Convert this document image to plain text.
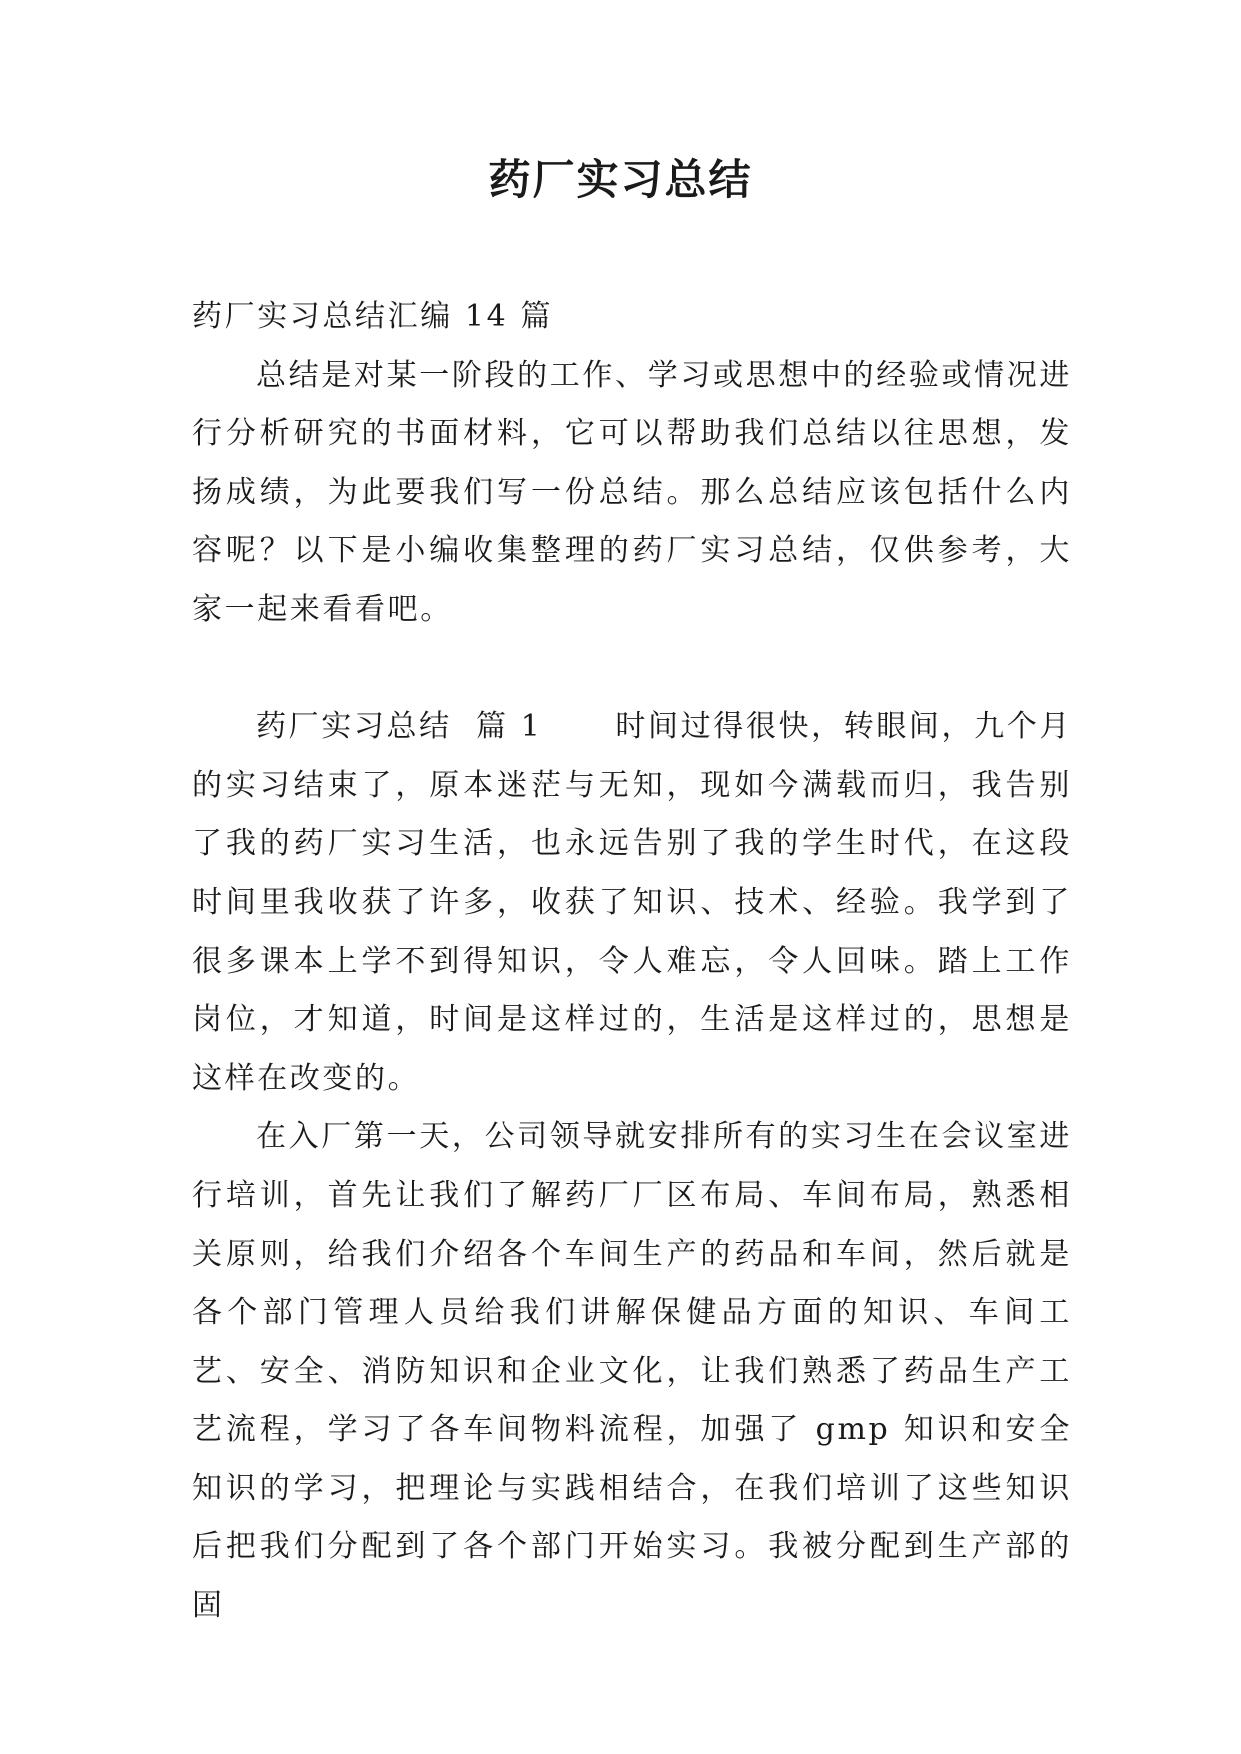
药厂实习总结

药厂实习总结汇编 14 篇

总结是对某一阶段的工作、学习或思想中的经验或情况进行分析研究的书面材料，它可以帮助我们总结以往思想，发扬成绩，为此要我们写一份总结。那么总结应该包括什么内容呢？以下是小编收集整理的药厂实习总结，仅供参考，大家一起来看看吧。

药厂实习总结  篇 1 时间过得很快，转眼间，九个月的实习结束了，原本迷茫与无知，现如今满载而归，我告别了我的药厂实习生活，也永远告别了我的学生时代，在这段时间里我收获了许多，收获了知识、技术、经验。我学到了很多课本上学不到得知识，令人难忘，令人回味。踏上工作岗位，才知道，时间是这样过的，生活是这样过的，思想是这样在改变的。

在入厂第一天，公司领导就安排所有的实习生在会议室进行培训，首先让我们了解药厂厂区布局、车间布局，熟悉相关原则，给我们介绍各个车间生产的药品和车间，然后就是各个部门管理人员给我们讲解保健品方面的知识、车间工艺、安全、消防知识和企业文化，让我们熟悉了药品生产工艺流程，学习了各车间物料流程，加强了 gmp 知识和安全知识的学习，把理论与实践相结合，在我们培训了这些知识后把我们分配到了各个部门开始实习。我被分配到生产部的固
